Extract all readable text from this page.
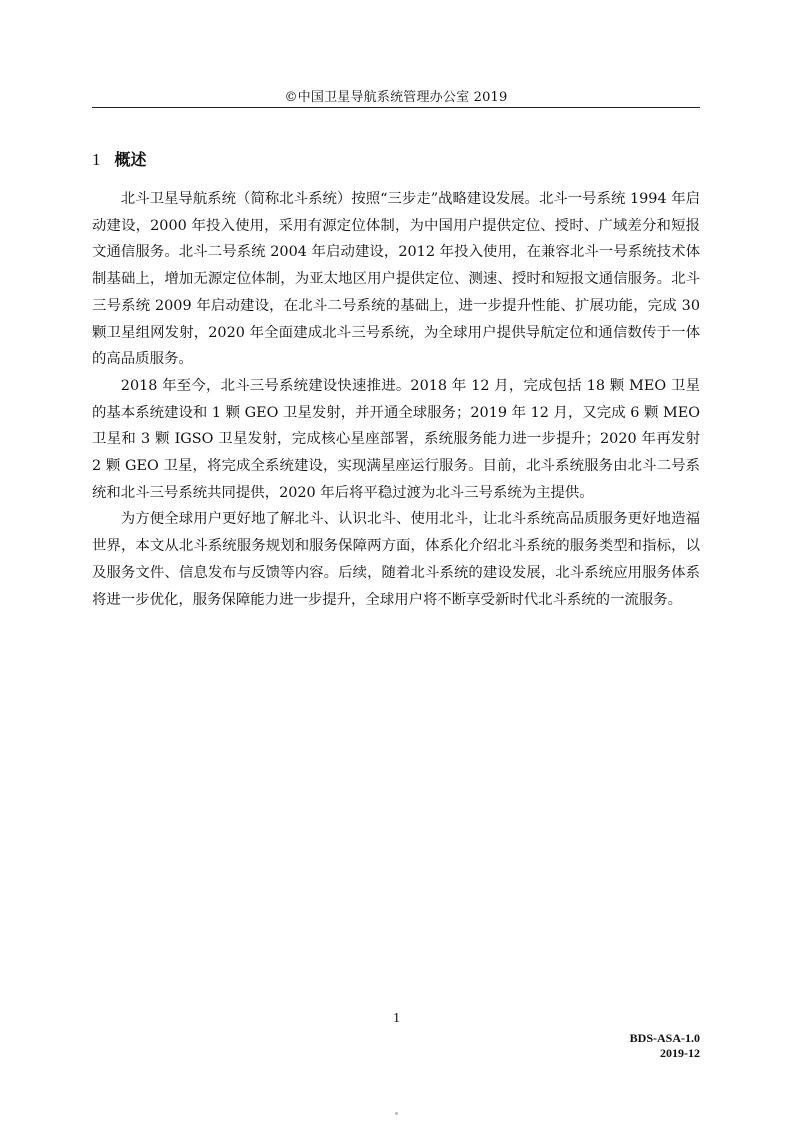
©中国卫星导航系统管理办公室 2019
1 概述

北斗卫星导航系统（简称北斗系统）按照“三步走”战略建设发展。北斗一号系统 1994 年启动建设，2000 年投入使用，采用有源定位体制，为中国用户提供定位、授时、广域差分和短报文通信服务。北斗二号系统 2004 年启动建设，2012 年投入使用，在兼容北斗一号系统技术体制基础上，增加无源定位体制，为亚太地区用户提供定位、测速、授时和短报文通信服务。北斗三号系统 2009 年启动建设，在北斗二号系统的基础上，进一步提升性能、扩展功能，完成 30 颗卫星组网发射，2020 年全面建成北斗三号系统，为全球用户提供导航定位和通信数传于一体的高品质服务。

2018 年至今，北斗三号系统建设快速推进。2018 年 12 月，完成包括 18 颗 MEO 卫星的基本系统建设和 1 颗 GEO 卫星发射，并开通全球服务；2019 年 12 月，又完成 6 颗 MEO 卫星和 3 颗 IGSO 卫星发射，完成核心星座部署，系统服务能力进一步提升；2020 年再发射 2 颗 GEO 卫星，将完成全系统建设，实现满星座运行服务。目前，北斗系统服务由北斗二号系统和北斗三号系统共同提供，2020 年后将平稳过渡为北斗三号系统为主提供。

为方便全球用户更好地了解北斗、认识北斗、使用北斗，让北斗系统高品质服务更好地造福世界，本文从北斗系统服务规划和服务保障两方面，体系化介绍北斗系统的服务类型和指标，以及服务文件、信息发布与反馈等内容。后续，随着北斗系统的建设发展，北斗系统应用服务体系将进一步优化，服务保障能力进一步提升，全球用户将不断享受新时代北斗系统的一流服务。

1
BDS-ASA-1.0
2019-12
